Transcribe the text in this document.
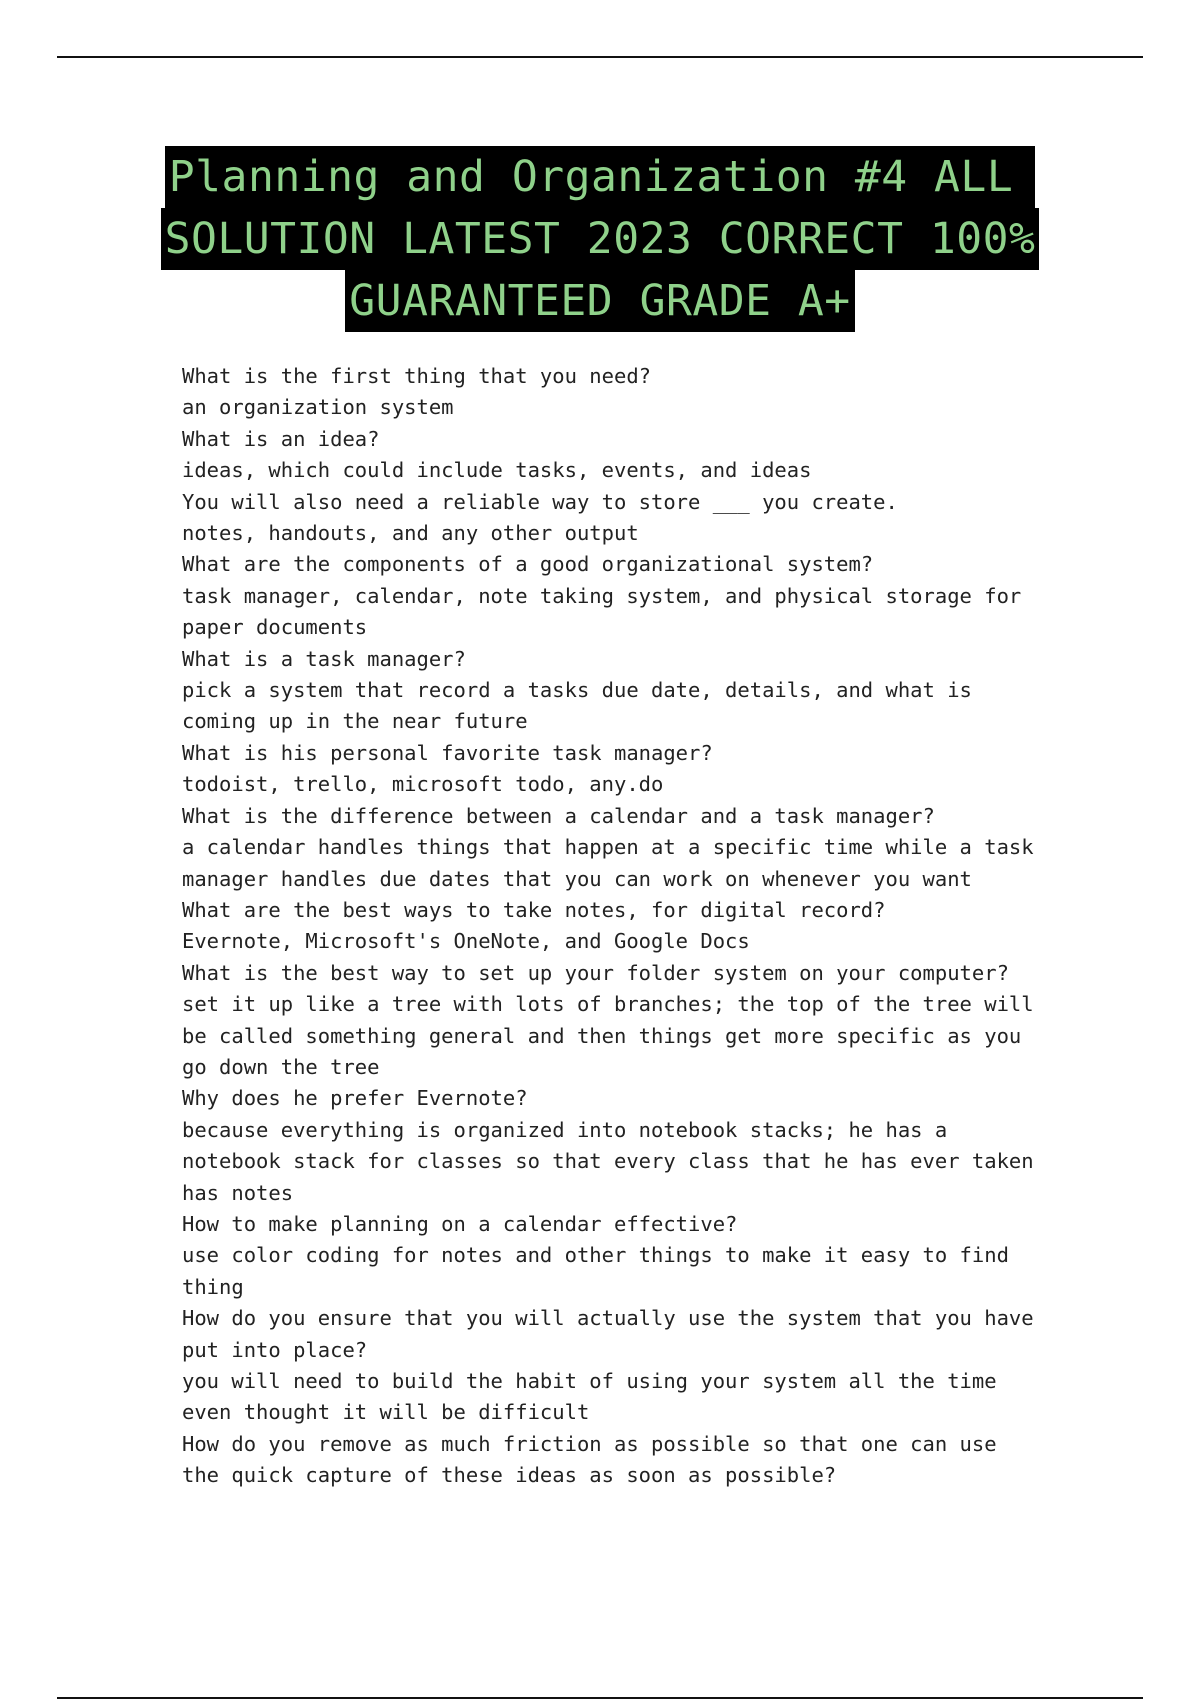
Planning and Organization #4 ALL
SOLUTION LATEST 2023 CORRECT 100%
GUARANTEED GRADE A+

What is the first thing that you need?

an organization system

What is an idea?

ideas, which could include tasks, events, and ideas

You will also need a reliable way to store ___ you create.

notes, handouts, and any other output

What are the components of a good organizational system?

task manager, calendar, note taking system, and physical storage for

paper documents

What is a task manager?

pick a system that record a tasks due date, details, and what is

coming up in the near future

What is his personal favorite task manager?

todoist, trello, microsoft todo, any.do

What is the difference between a calendar and a task manager?

a calendar handles things that happen at a specific time while a task

manager handles due dates that you can work on whenever you want

What are the best ways to take notes, for digital record?

Evernote, Microsoft's OneNote, and Google Docs

What is the best way to set up your folder system on your computer?

set it up like a tree with lots of branches; the top of the tree will

be called something general and then things get more specific as you

go down the tree

Why does he prefer Evernote?

because everything is organized into notebook stacks; he has a

notebook stack for classes so that every class that he has ever taken

has notes

How to make planning on a calendar effective?

use color coding for notes and other things to make it easy to find

thing

How do you ensure that you will actually use the system that you have

put into place?

you will need to build the habit of using your system all the time

even thought it will be difficult

How do you remove as much friction as possible so that one can use

the quick capture of these ideas as soon as possible?
